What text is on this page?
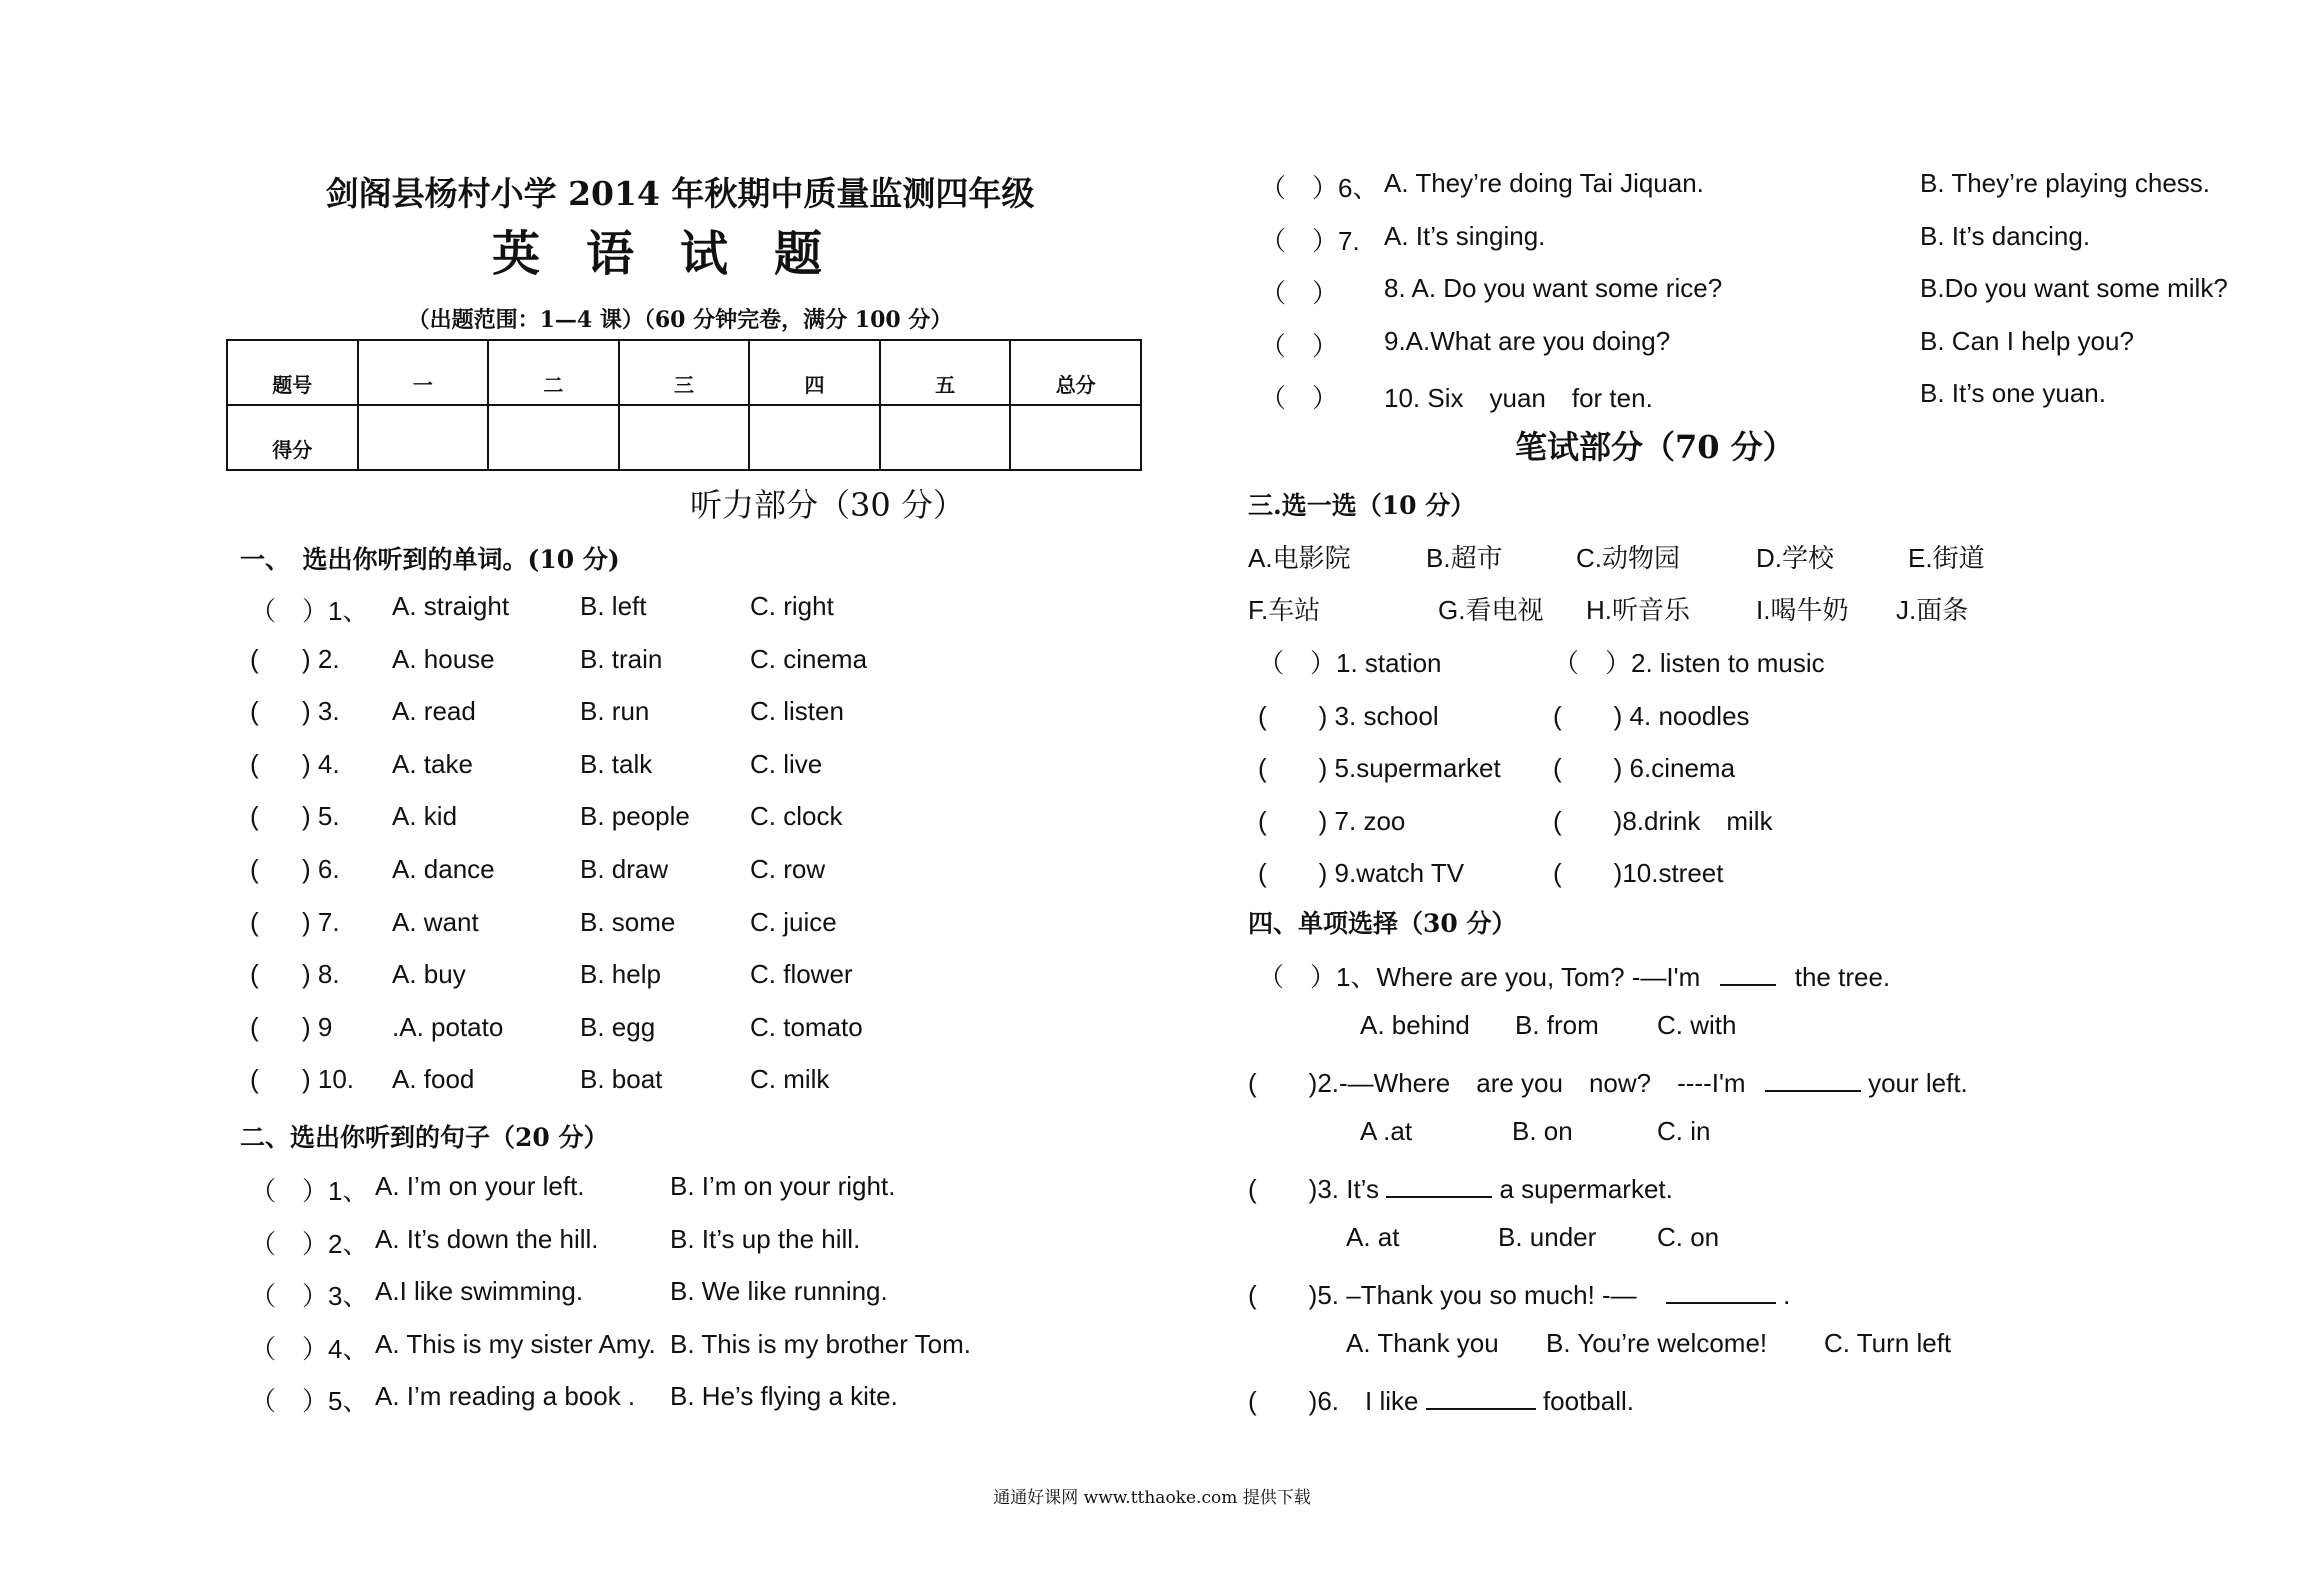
剑阁县杨村小学 2014 年秋期中质量监测四年级
英语试题
（出题范围：1—4 课）（60 分钟完卷，满分 100 分）
题号	一	二	三	四	五	总分
得分						
听力部分（30 分）
一、　选出你听到的单词。(10 分)
（ ）1、 A. straight	B. left	C. right
( ) 2. A. house	B. train	C. cinema
( ) 3. A. read	B. run	C. listen
( ) 4. A. take	B. talk	C. live
( ) 5. A. kid	B. people C. clock
( ) 6. A. dance	B. draw	C. row
( ) 7. A. want	B. some	C. juice
( ) 8. A. buy	B. help	C. flower
( ) 9 .A. potato	B. egg	C. tomato
( ) 10. A. food	B. boat	C. milk
二、选出你听到的句子（20 分）
（ ）1、 A. I’m on your left.	B. I’m on your right.
（ ）2、 A. It’s down the hill.	B. It’s up the hill.
（ ）3、 A.I like swimming.	B. We like running.
（ ）4、 A. This is my sister Amy. B. This is my brother Tom.
（ ）5、 A. I’m reading a book . B. He’s flying a kite.
（ ）6、 A. They’re doing Tai Jiquan.	B. They’re playing chess.
（ ）7. A. It’s singing.	B. It’s dancing.
（ ） 8. A. Do you want some rice?	B.Do you want some milk?
（ ） 9.A.What are you doing?	B. Can I help you?
（ ） 10. Six　yuan　for ten.	B. It’s one yuan.
笔试部分（70 分）
三.选一选（10 分）
A.电影院	B.超市	C.动物园	D.学校	E.街道
F.车站	G.看电视 H.听音乐	I.喝牛奶 J.面条
（　）1. station	（　）2. listen to music
(　　) 3. school	(　　) 4. noodles
(　　) 5.supermarket (　　) 6.cinema
(　　) 7. zoo	(　　)8.drink　milk
(　　) 9.watch TV	(　　)10.street
四、单项选择（30 分）
（　）1、Where are you, Tom? -—I'm	the tree.
A. behind B. from C. with
(　　)2.-—Where　are you　now?　----I'm	your left.
A .at	B. on	C. in
(　　)3. It’s	a supermarket.
A. at	B. under C. on
(　　)5. –Thank you so much! -—	.
A. Thank you B. You’re welcome! C. Turn left
(　　)6.　I like	football.
通通好课网 www.tthaoke.com 提供下载
